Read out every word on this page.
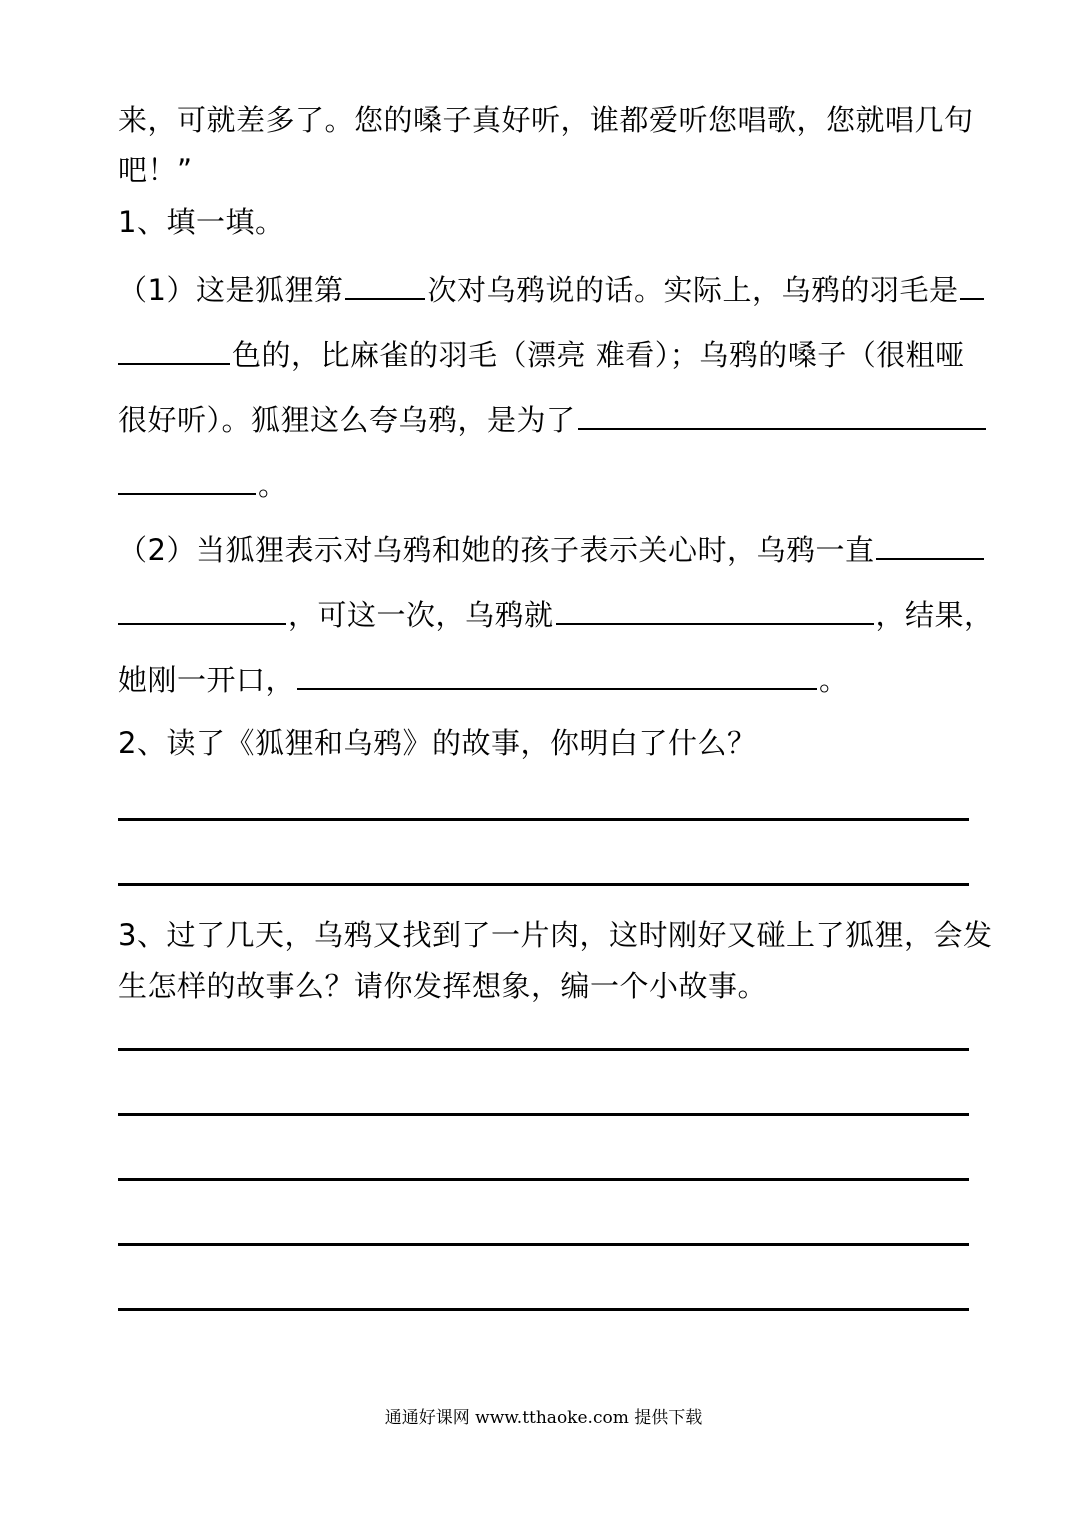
来，可就差多了。您的嗓子真好听，谁都爱听您唱歌，您就唱几句
吧！”
1、填一填。
（1）这是狐狸第	次对乌鸦说的话。实际上，乌鸦的羽毛是
色的，比麻雀的羽毛（漂亮 难看）；乌鸦的嗓子（很粗哑
很好听）。狐狸这么夸乌鸦，是为了
。
（2）当狐狸表示对乌鸦和她的孩子表示关心时，乌鸦一直
，可这一次，乌鸦就	，结果，
她刚一开口，	。
2、读了《狐狸和乌鸦》的故事，你明白了什么？
3、过了几天，乌鸦又找到了一片肉，这时刚好又碰上了狐狸，会发
生怎样的故事么？请你发挥想象，编一个小故事。
通通好课网 www.tthaoke.com 提供下载
